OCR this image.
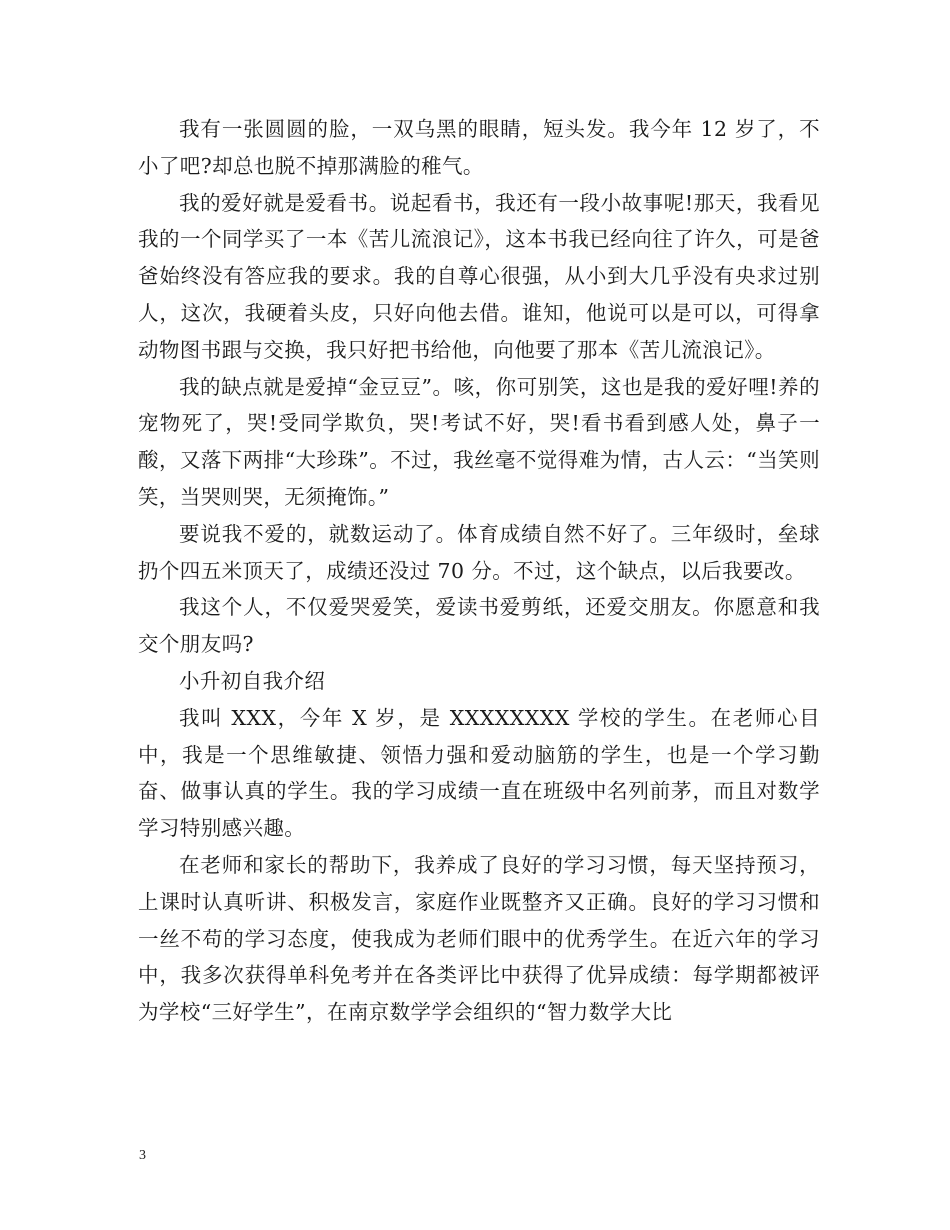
我有一张圆圆的脸，一双乌黑的眼睛，短头发。我今年 12 岁了，不小了吧?却总也脱不掉那满脸的稚气。

我的爱好就是爱看书。说起看书，我还有一段小故事呢!那天，我看见我的一个同学买了一本《苦儿流浪记》，这本书我已经向往了许久，可是爸爸始终没有答应我的要求。我的自尊心很强，从小到大几乎没有央求过别人，这次，我硬着头皮，只好向他去借。谁知，他说可以是可以，可得拿动物图书跟与交换，我只好把书给他，向他要了那本《苦儿流浪记》。

我的缺点就是爱掉“金豆豆”。咳，你可别笑，这也是我的爱好哩!养的宠物死了，哭!受同学欺负，哭!考试不好，哭!看书看到感人处，鼻子一酸，又落下两排“大珍珠”。不过，我丝毫不觉得难为情，古人云：“当笑则笑，当哭则哭，无须掩饰。”

要说我不爱的，就数运动了。体育成绩自然不好了。三年级时，垒球扔个四五米顶天了，成绩还没过 70 分。不过，这个缺点，以后我要改。

我这个人，不仅爱哭爱笑，爱读书爱剪纸，还爱交朋友。你愿意和我交个朋友吗?

小升初自我介绍

我叫 XXX，今年 X 岁，是 XXXXXXXX 学校的学生。在老师心目中，我是一个思维敏捷、领悟力强和爱动脑筋的学生，也是一个学习勤奋、做事认真的学生。我的学习成绩一直在班级中名列前茅，而且对数学学习特别感兴趣。

在老师和家长的帮助下，我养成了良好的学习习惯，每天坚持预习，上课时认真听讲、积极发言，家庭作业既整齐又正确。良好的学习习惯和一丝不苟的学习态度，使我成为老师们眼中的优秀学生。在近六年的学习中，我多次获得单科免考并在各类评比中获得了优异成绩：每学期都被评为学校“三好学生”，在南京数学学会组织的“智力数学大比

3
